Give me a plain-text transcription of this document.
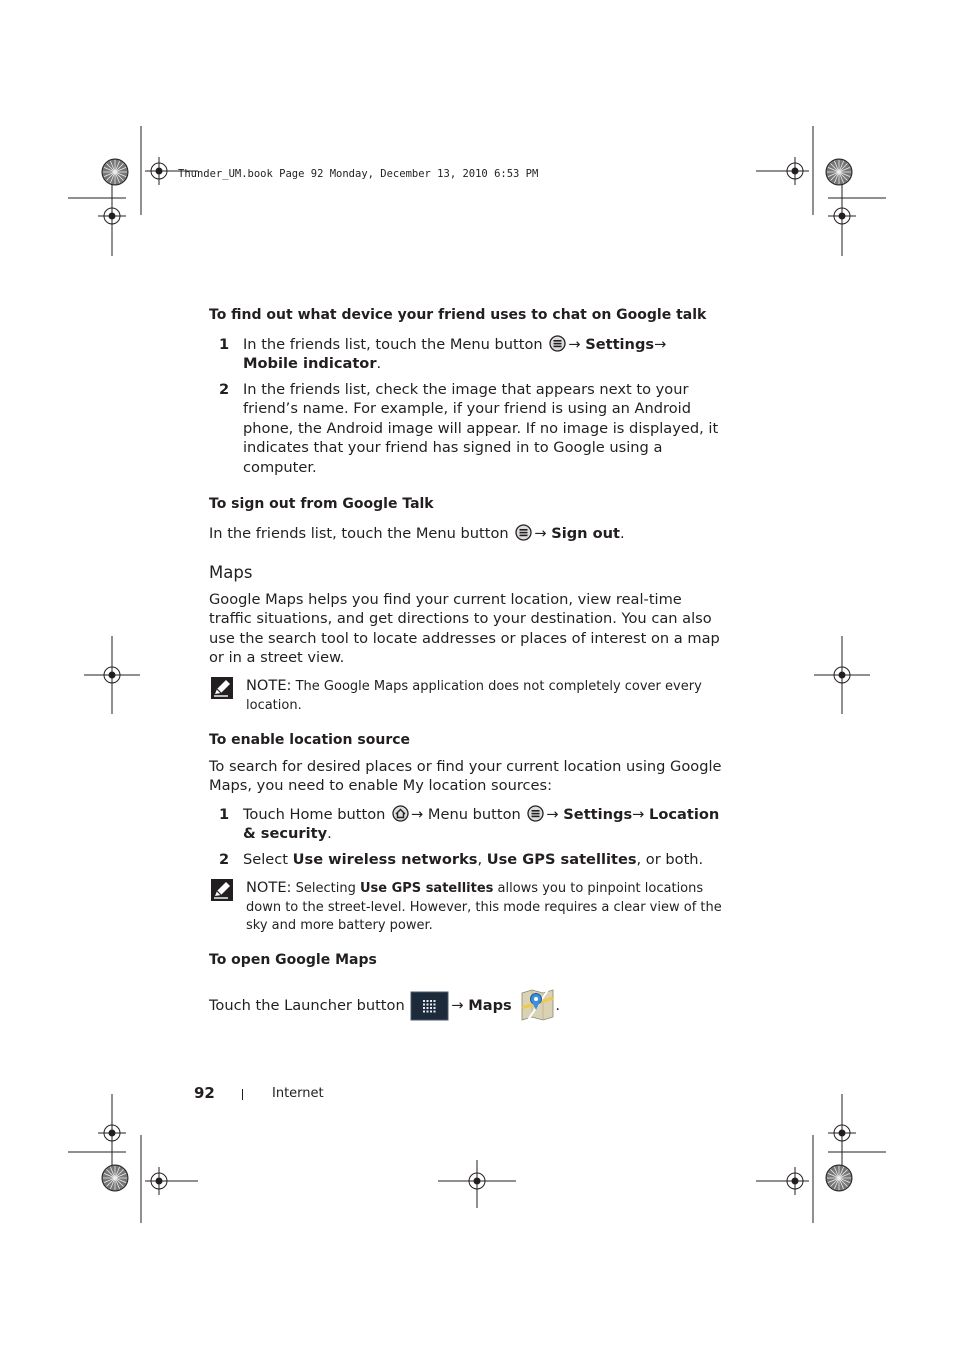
Thunder_UM.book Page 92 Monday, December 13, 2010 6:53 PM
To find out what device your friend uses to chat on Google talk
1 In the friends list, touch the Menu button → Settings→ Mobile indicator.
2 In the friends list, check the image that appears next to your friend’s name. For example, if your friend is using an Android phone, the Android image will appear. If no image is displayed, it indicates that your friend has signed in to Google using a computer.
To sign out from Google Talk
In the friends list, touch the Menu button → Sign out.
Maps
Google Maps helps you find your current location, view real-time traffic situations, and get directions to your destination. You can also use the search tool to locate addresses or places of interest on a map or in a street view.
NOTE: The Google Maps application does not completely cover every location.
To enable location source
To search for desired places or find your current location using Google Maps, you need to enable My location sources:
1 Touch Home button → Menu button → Settings→ Location & security.
2 Select Use wireless networks, Use GPS satellites, or both.
NOTE: Selecting Use GPS satellites allows you to pinpoint locations down to the street-level. However, this mode requires a clear view of the sky and more battery power.
To open Google Maps
Touch the Launcher button	→ Maps	.
92	Internet
